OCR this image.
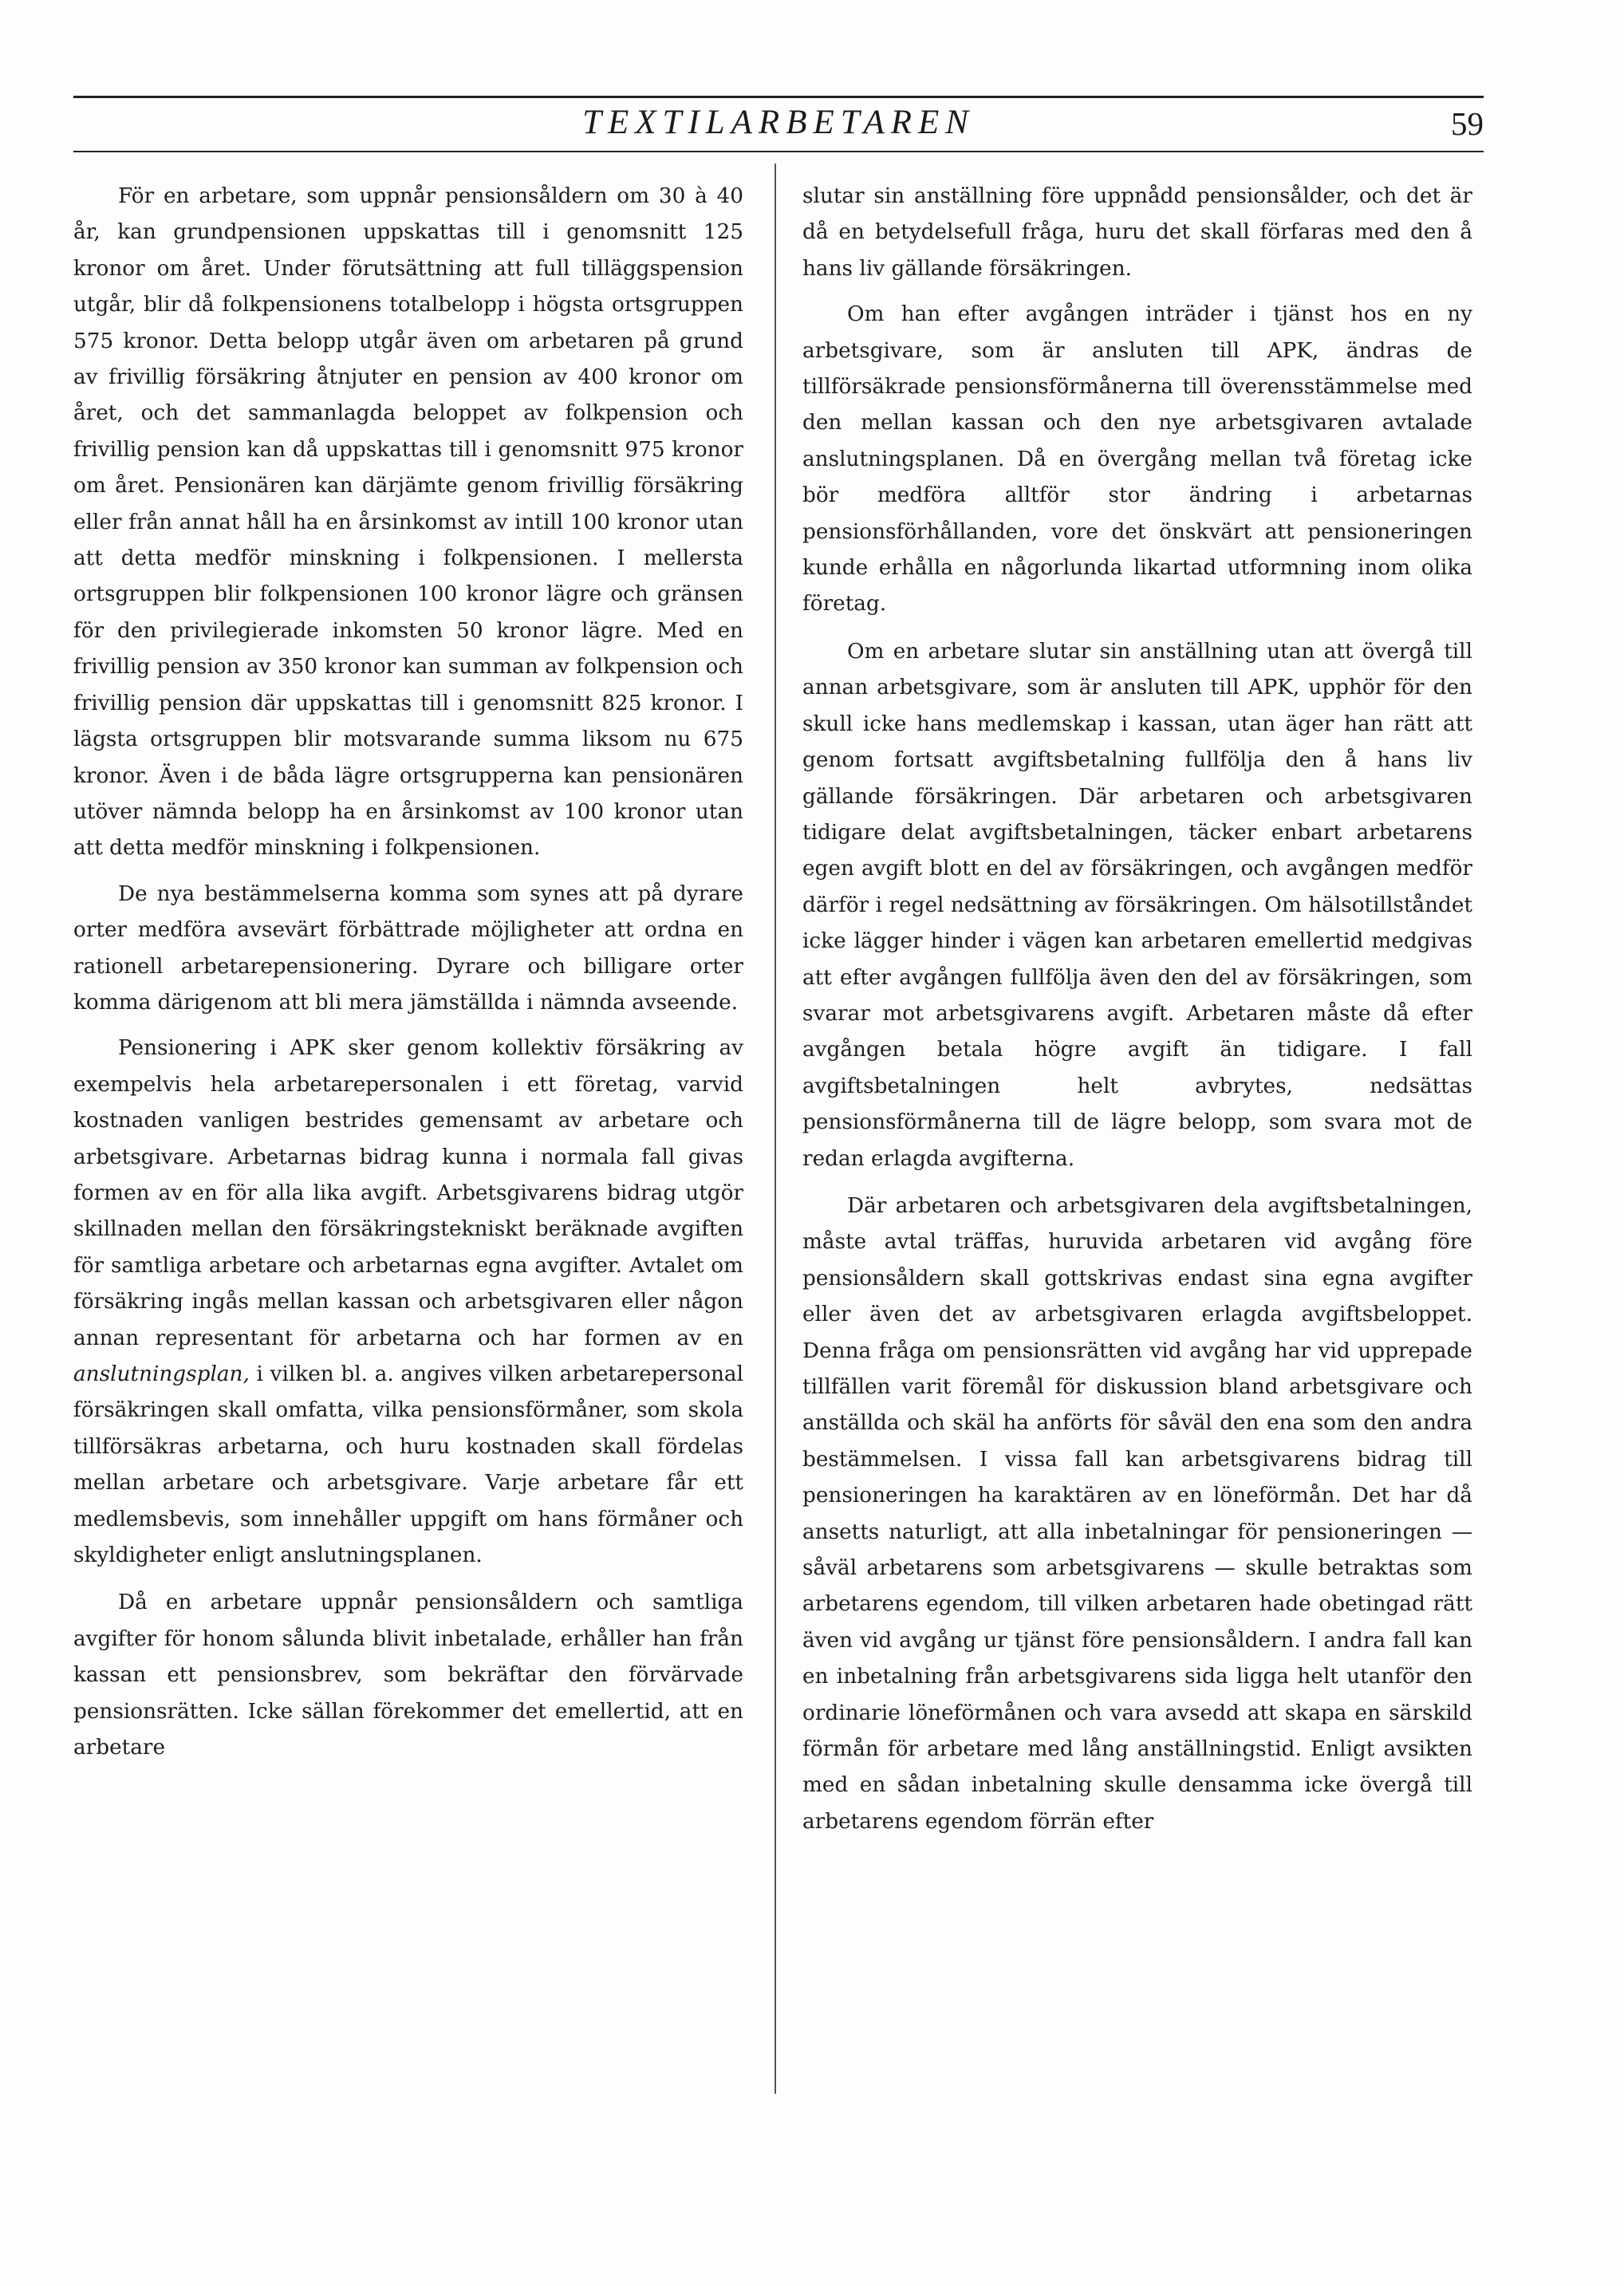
TEXTILARBETAREN	59

För en arbetare, som uppnår pensionsåldern om 30 à 40 år, kan grundpensionen uppskattas till i genomsnitt 125 kronor om året. Under förutsättning att full tilläggspension utgår, blir då folkpensionens totalbelopp i högsta ortsgruppen 575 kronor. Detta belopp utgår även om arbetaren på grund av frivillig försäkring åtnjuter en pension av 400 kronor om året, och det sammanlagda beloppet av folkpension och frivillig pension kan då uppskattas till i genomsnitt 975 kronor om året. Pensionären kan därjämte genom frivillig försäkring eller från annat håll ha en årsinkomst av intill 100 kronor utan att detta medför minskning i folkpensionen. I mellersta ortsgruppen blir folkpensionen 100 kronor lägre och gränsen för den privilegierade inkomsten 50 kronor lägre. Med en frivillig pension av 350 kronor kan summan av folkpension och frivillig pension där uppskattas till i genomsnitt 825 kronor. I lägsta ortsgruppen blir motsvarande summa liksom nu 675 kronor. Även i de båda lägre ortsgrupperna kan pensionären utöver nämnda belopp ha en årsinkomst av 100 kronor utan att detta medför minskning i folkpensionen.

De nya bestämmelserna komma som synes att på dyrare orter medföra avsevärt förbättrade möjligheter att ordna en rationell arbetarepensionering. Dyrare och billigare orter komma därigenom att bli mera jämställda i nämnda avseende.

Pensionering i APK sker genom kollektiv försäkring av exempelvis hela arbetarepersonalen i ett företag, varvid kostnaden vanligen bestrides gemensamt av arbetare och arbetsgivare. Arbetarnas bidrag kunna i normala fall givas formen av en för alla lika avgift. Arbetsgivarens bidrag utgör skillnaden mellan den försäkringstekniskt beräknade avgiften för samtliga arbetare och arbetarnas egna avgifter. Avtalet om försäkring ingås mellan kassan och arbetsgivaren eller någon annan representant för arbetarna och har formen av en anslutningsplan, i vilken bl. a. angives vilken arbetarepersonal försäkringen skall omfatta, vilka pensionsförmåner, som skola tillförsäkras arbetarna, och huru kostnaden skall fördelas mellan arbetare och arbetsgivare. Varje arbetare får ett medlemsbevis, som innehåller uppgift om hans förmåner och skyldigheter enligt anslutningsplanen.

Då en arbetare uppnår pensionsåldern och samtliga avgifter för honom sålunda blivit inbetalade, erhåller han från kassan ett pensionsbrev, som bekräftar den förvärvade pensionsrätten. Icke sällan förekommer det emellertid, att en arbetare

slutar sin anställning före uppnådd pensionsålder, och det är då en betydelsefull fråga, huru det skall förfaras med den å hans liv gällande försäkringen.

Om han efter avgången inträder i tjänst hos en ny arbetsgivare, som är ansluten till APK, ändras de tillförsäkrade pensionsförmånerna till överensstämmelse med den mellan kassan och den nye arbetsgivaren avtalade anslutningsplanen. Då en övergång mellan två företag icke bör medföra alltför stor ändring i arbetarnas pensionsförhållanden, vore det önskvärt att pensioneringen kunde erhålla en någorlunda likartad utformning inom olika företag.

Om en arbetare slutar sin anställning utan att övergå till annan arbetsgivare, som är ansluten till APK, upphör för den skull icke hans medlemskap i kassan, utan äger han rätt att genom fortsatt avgiftsbetalning fullfölja den å hans liv gällande försäkringen. Där arbetaren och arbetsgivaren tidigare delat avgiftsbetalningen, täcker enbart arbetarens egen avgift blott en del av försäkringen, och avgången medför därför i regel nedsättning av försäkringen. Om hälsotillståndet icke lägger hinder i vägen kan arbetaren emellertid medgivas att efter avgången fullfölja även den del av försäkringen, som svarar mot arbetsgivarens avgift. Arbetaren måste då efter avgången betala högre avgift än tidigare. I fall avgiftsbetalningen helt avbrytes, nedsättas pensionsförmånerna till de lägre belopp, som svara mot de redan erlagda avgifterna.

Där arbetaren och arbetsgivaren dela avgiftsbetalningen, måste avtal träffas, huruvida arbetaren vid avgång före pensionsåldern skall gottskrivas endast sina egna avgifter eller även det av arbetsgivaren erlagda avgiftsbeloppet. Denna fråga om pensionsrätten vid avgång har vid upprepade tillfällen varit föremål för diskussion bland arbetsgivare och anställda och skäl ha anförts för såväl den ena som den andra bestämmelsen. I vissa fall kan arbetsgivarens bidrag till pensioneringen ha karaktären av en löneförmån. Det har då ansetts naturligt, att alla inbetalningar för pensioneringen — såväl arbetarens som arbetsgivarens — skulle betraktas som arbetarens egendom, till vilken arbetaren hade obetingad rätt även vid avgång ur tjänst före pensionsåldern. I andra fall kan en inbetalning från arbetsgivarens sida ligga helt utanför den ordinarie löneförmånen och vara avsedd att skapa en särskild förmån för arbetare med lång anställningstid. Enligt avsikten med en sådan inbetalning skulle densamma icke övergå till arbetarens egendom förrän efter
